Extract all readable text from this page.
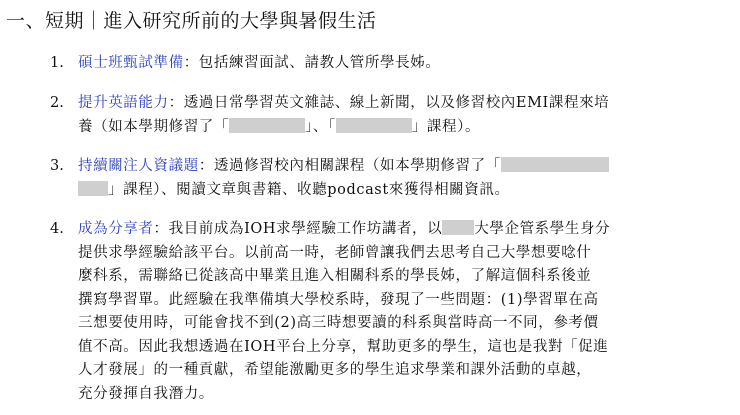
一、短期｜進入研究所前的大學與暑假生活
1. 碩士班甄試準備：包括練習面試、請教人管所學長姊。
2. 提升英語能力：透過日常學習英文雜誌、線上新聞，以及修習校內EMI課程來培
養（如本學期修習了「	」、「	」課程）。
3. 持續關注人資議題：透過修習校內相關課程（如本學期修習了「
」課程）、閱讀文章與書籍、收聽podcast來獲得相關資訊。
4. 成為分享者：我目前成為IOH求學經驗工作坊講者，以 大學企管系學生身分
提供求學經驗給該平台。以前高一時，老師曾讓我們去思考自己大學想要唸什
麼科系，需聯絡已從該高中畢業且進入相關科系的學長姊，了解這個科系後並
撰寫學習單。此經驗在我準備填大學校系時，發現了一些問題：(1)學習單在高
三想要使用時，可能會找不到(2)高三時想要讀的科系與當時高一不同，參考價
值不高。因此我想透過在IOH平台上分享，幫助更多的學生，這也是我對「促進
人才發展」的一種貢獻，希望能激勵更多的學生追求學業和課外活動的卓越，
充分發揮自我潛力。
